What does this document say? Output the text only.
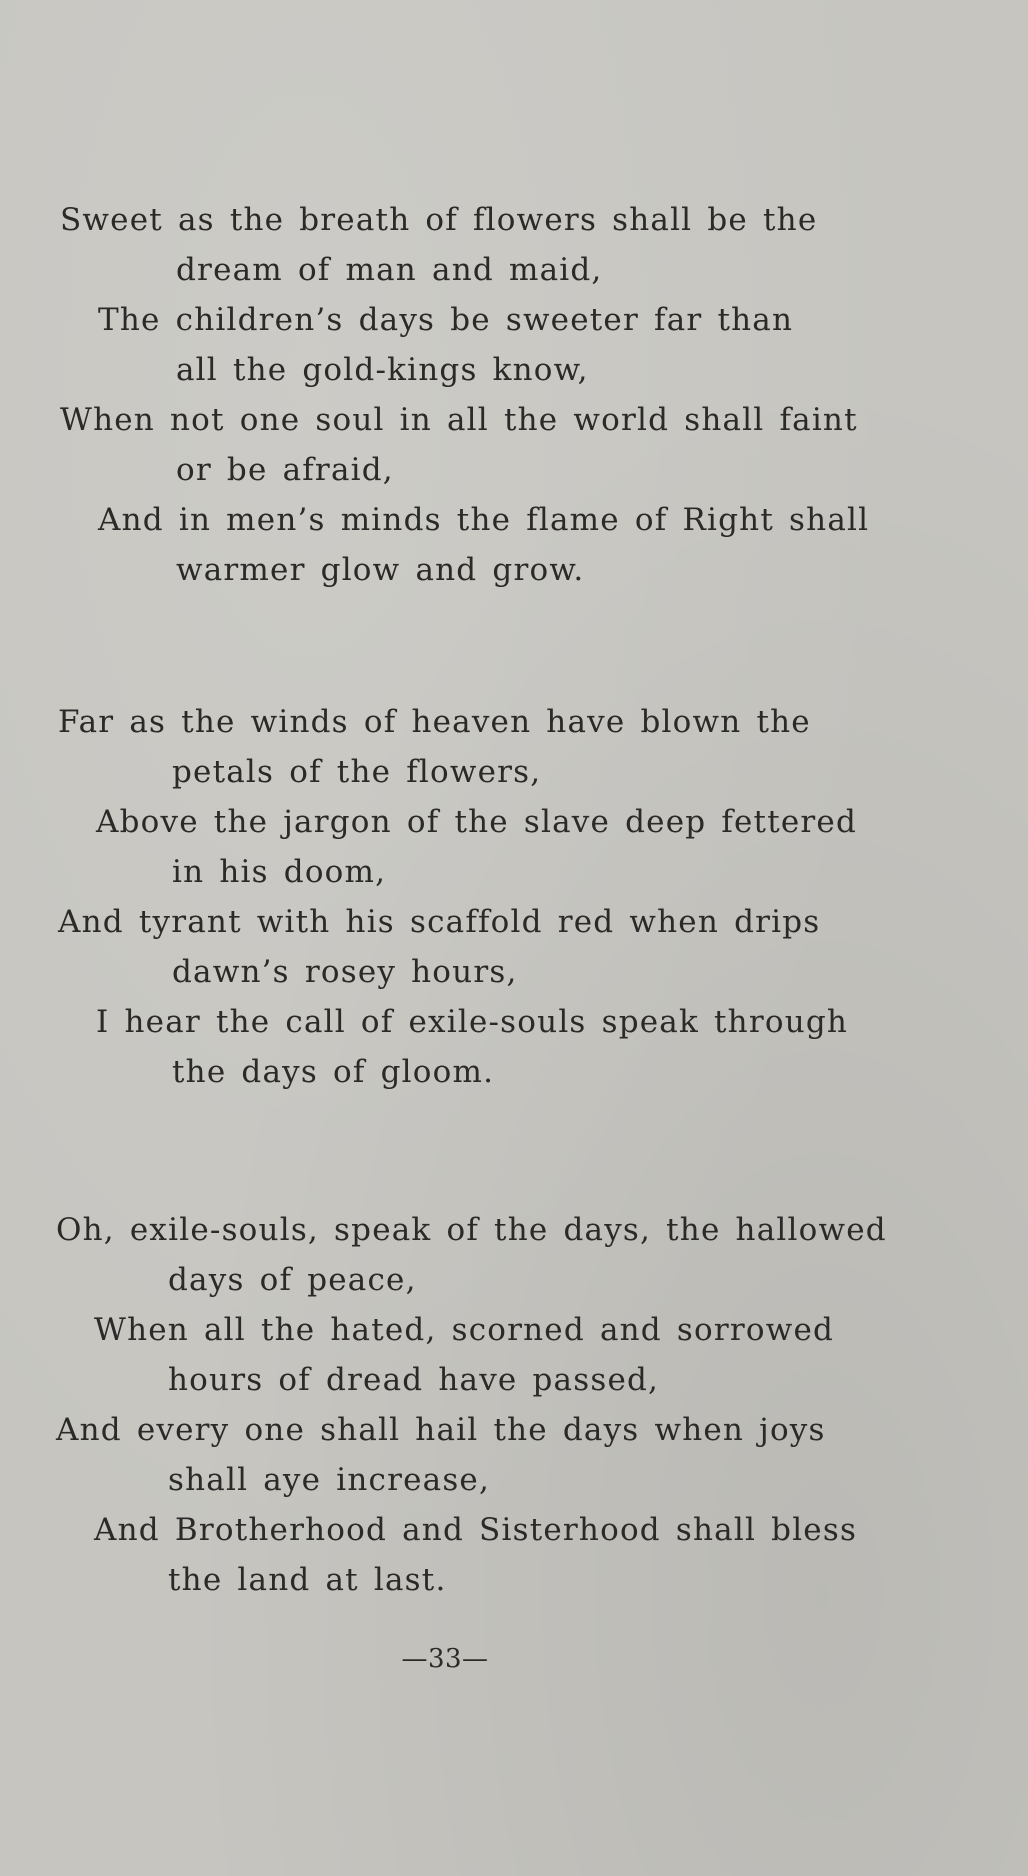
Sweet as the breath of flowers shall be the
dream of man and maid,
The children’s days be sweeter far than
all the gold-kings know,
When not one soul in all the world shall faint
or be afraid,
And in men’s minds the flame of Right shall
warmer glow and grow.
Far as the winds of heaven have blown the
petals of the flowers,
Above the jargon of the slave deep fettered
in his doom,
And tyrant with his scaffold red when drips
dawn’s rosey hours,
I hear the call of exile-souls speak through
the days of gloom.
Oh, exile-souls, speak of the days, the hallowed
days of peace,
When all the hated, scorned and sorrowed
hours of dread have passed,
And every one shall hail the days when joys
shall aye increase,
And Brotherhood and Sisterhood shall bless
the land at last.
—33—
